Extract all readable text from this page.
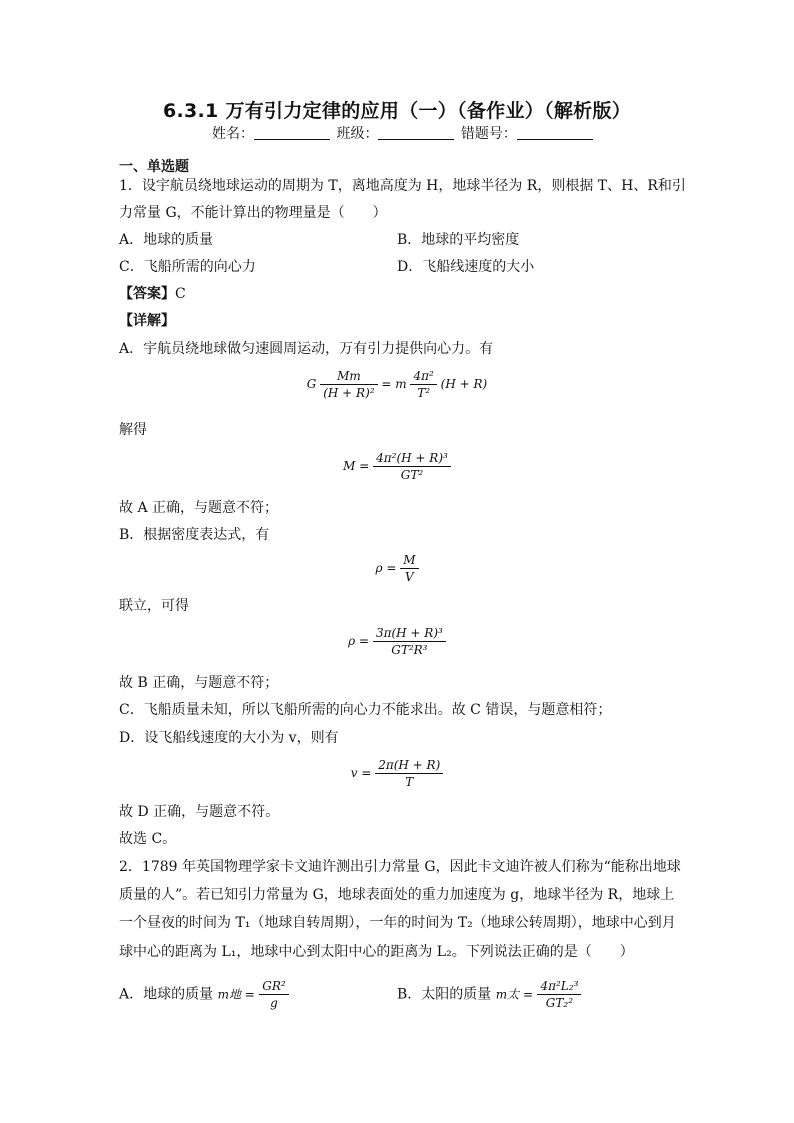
6.3.1 万有引力定律的应用（一）（备作业）（解析版）
姓名：	班级：	错题号：
一、单选题
1．设宇航员绕地球运动的周期为 T，离地高度为 H，地球半径为 R，则根据 T、H、R和引
力常量 G，不能计算出的物理量是（　　）
A．地球的质量	B．地球的平均密度
C．飞船所需的向心力	D．飞船线速度的大小
【答案】C
【详解】
A．宇航员绕地球做匀速圆周运动，万有引力提供向心力。有
G $\frac{Mm}{\text{(H + R)²}} = m \frac{\text{4π²}}{\text{T²}} (H + R)$
解得
$M = \frac{\text{4π²(H + R)³}}{\text{GT²}}$
故 A 正确，与题意不符；
B．根据密度表达式，有
$\rho = \frac{M}{V}$
联立，可得
$\rho = \frac{\text{3π(H + R)³}}{\text{GT²R³}}$
故 B 正确，与题意不符；
C．飞船质量未知，所以飞船所需的向心力不能求出。故 C 错误，与题意相符；
D．设飞船线速度的大小为 v，则有
$v = \frac{2\pi(H + R)}{T}$
故 D 正确，与题意不符。
故选 C。
2．1789 年英国物理学家卡文迪许测出引力常量 G，因此卡文迪许被人们称为“能称出地球
质量的人”。若已知引力常量为 G，地球表面处的重力加速度为 g，地球半径为 R，地球上
一个昼夜的时间为 T₁（地球自转周期），一年的时间为 T₂（地球公转周期），地球中心到月
球中心的距离为 L₁，地球中心到太阳中心的距离为 L₂。下列说法正确的是（　　）
A．地球的质量 m地 = $\frac{\text{GR²}}{g}$	B．太阳的质量 m太 = $\frac{\text{4π²L₂³}}{\text{GT₂²}}$
